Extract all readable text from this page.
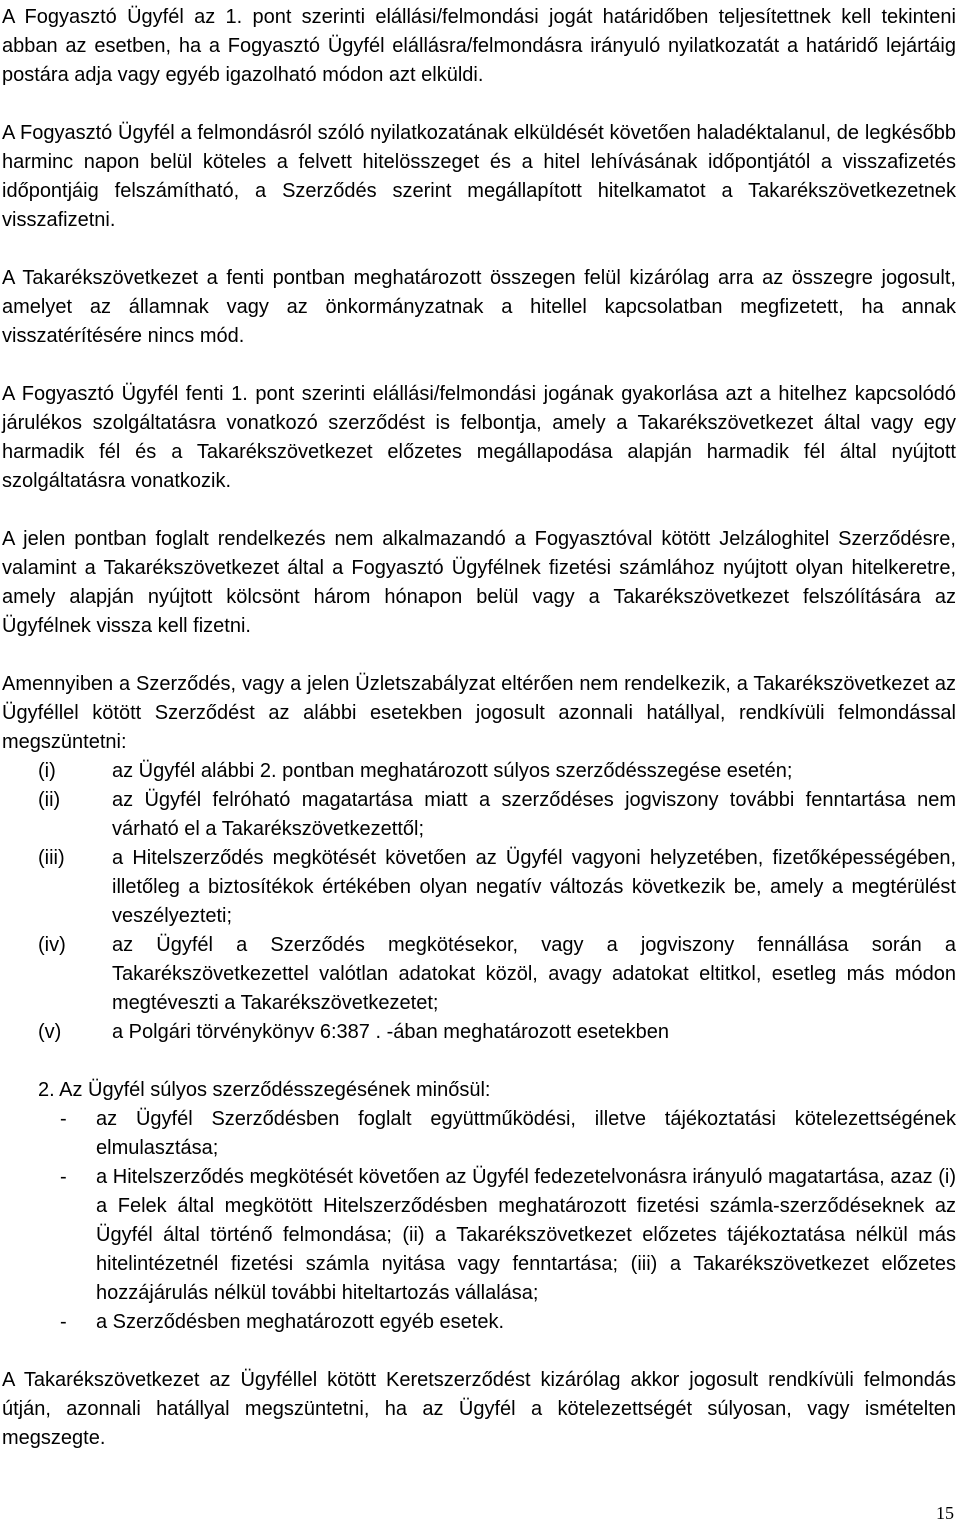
A Fogyasztó Ügyfél az 1. pont szerinti elállási/felmondási jogát határidőben teljesítettnek kell tekinteni abban az esetben, ha a Fogyasztó Ügyfél elállásra/felmondásra irányuló nyilatkozatát a határidő lejártáig postára adja vagy egyéb igazolható módon azt elküldi.

A Fogyasztó Ügyfél a felmondásról szóló nyilatkozatának elküldését követően haladéktalanul, de legkésőbb harminc napon belül köteles a felvett hitelösszeget és a hitel lehívásának időpontjától a visszafizetés időpontjáig felszámítható, a Szerződés szerint megállapított hitelkamatot a Takarékszövetkezetnek visszafizetni.

A Takarékszövetkezet a fenti pontban meghatározott összegen felül kizárólag arra az összegre jogosult, amelyet az államnak vagy az önkormányzatnak a hitellel kapcsolatban megfizetett, ha annak visszatérítésére nincs mód.

A Fogyasztó Ügyfél fenti 1. pont szerinti elállási/felmondási jogának gyakorlása azt a hitelhez kapcsolódó járulékos szolgáltatásra vonatkozó szerződést is felbontja, amely a Takarékszövetkezet által vagy egy harmadik fél és a Takarékszövetkezet előzetes megállapodása alapján harmadik fél által nyújtott szolgáltatásra vonatkozik.

A jelen pontban foglalt rendelkezés nem alkalmazandó a Fogyasztóval kötött Jelzáloghitel Szerződésre, valamint a Takarékszövetkezet által a Fogyasztó Ügyfélnek fizetési számlához nyújtott olyan hitelkeretre, amely alapján nyújtott kölcsönt három hónapon belül vagy a Takarékszövetkezet felszólítására az Ügyfélnek vissza kell fizetni.

Amennyiben a Szerződés, vagy a jelen Üzletszabályzat eltérően nem rendelkezik, a Takarékszövetkezet az Ügyféllel kötött Szerződést az alábbi esetekben jogosult azonnali hatállyal, rendkívüli felmondással megszüntetni:

(i)	az Ügyfél alábbi 2. pontban meghatározott súlyos szerződésszegése esetén;
(ii)	az Ügyfél felróható magatartása miatt a szerződéses jogviszony további fenntartása nem várható el a Takarékszövetkezettől;
(iii)	a Hitelszerződés megkötését követően az Ügyfél vagyoni helyzetében, fizetőképességében, illetőleg a biztosítékok értékében olyan negatív változás következik be, amely a megtérülést veszélyezteti;
(iv)	az Ügyfél a Szerződés megkötésekor, vagy a jogviszony fennállása során a Takarékszövetkezettel valótlan adatokat közöl, avagy adatokat eltitkol, esetleg más módon megtéveszti a Takarékszövetkezetet;
(v)	a Polgári törvénykönyv 6:387 . -ában meghatározott esetekben

2. Az Ügyfél súlyos szerződésszegésének minősül:

-	az Ügyfél Szerződésben foglalt együttműködési, illetve tájékoztatási kötelezettségének elmulasztása;
-	a Hitelszerződés megkötését követően az Ügyfél fedezetelvonásra irányuló magatartása, azaz (i) a Felek által megkötött Hitelszerződésben meghatározott fizetési számla-szerződéseknek az Ügyfél által történő felmondása; (ii) a Takarékszövetkezet előzetes tájékoztatása nélkül más hitelintézetnél fizetési számla nyitása vagy fenntartása; (iii) a Takarékszövetkezet előzetes hozzájárulás nélkül további hiteltartozás vállalása;
-	a Szerződésben meghatározott egyéb esetek.

A Takarékszövetkezet az Ügyféllel kötött Keretszerződést kizárólag akkor jogosult rendkívüli felmondás útján, azonnali hatállyal megszüntetni, ha az Ügyfél a kötelezettségét súlyosan, vagy ismételten megszegte.

15
